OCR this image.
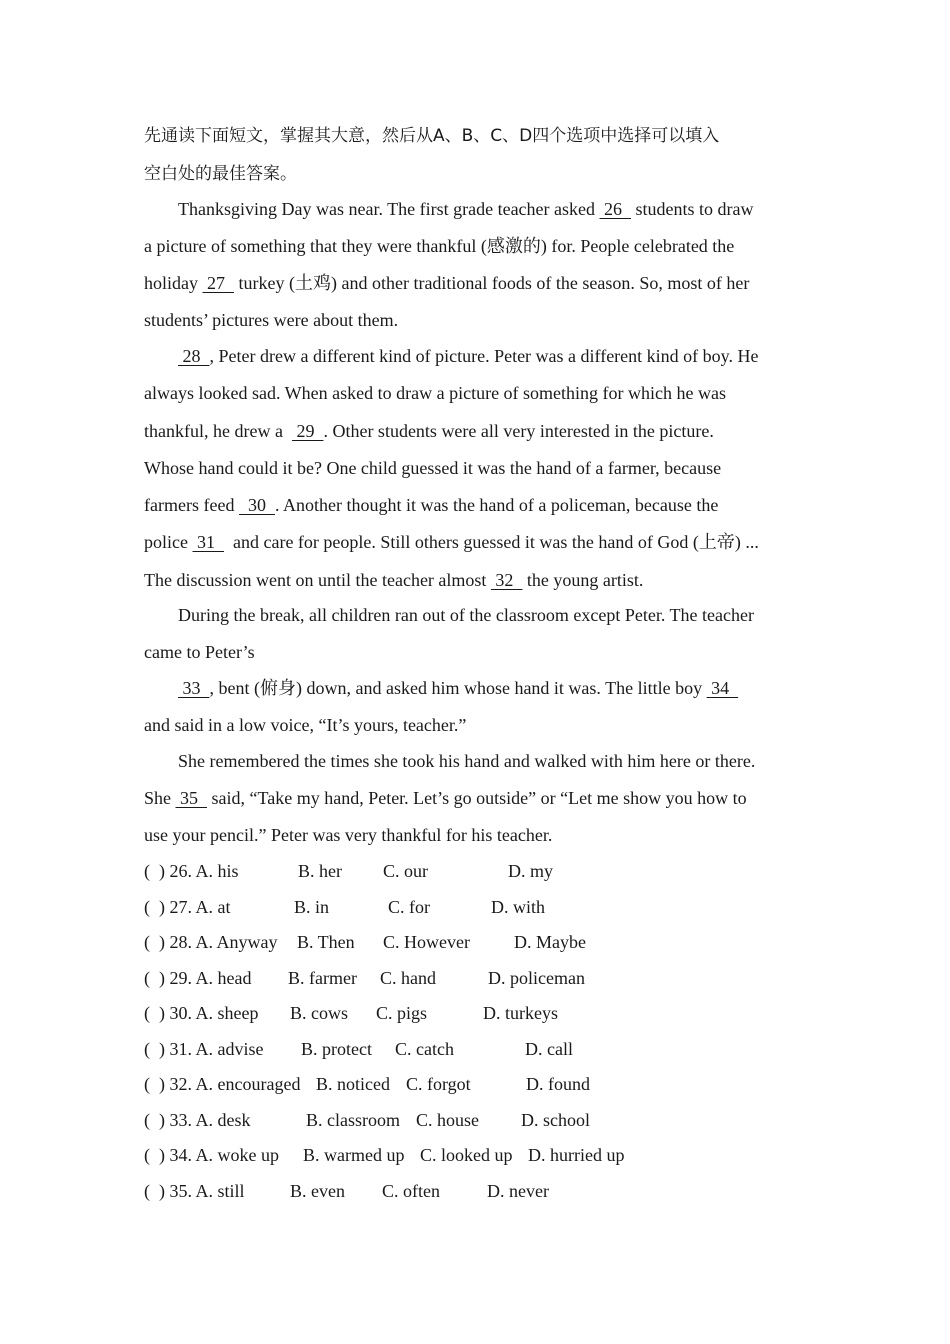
先通读下面短文，掌握其大意，然后从A、B、C、D四个选项中选择可以填入
空白处的最佳答案。
Thanksgiving Day was near. The first grade teacher asked  26   students to draw
a picture of something that they were thankful (感激的) for. People celebrated the
holiday  27   turkey (土鸡) and other traditional foods of the season. So, most of her
students’ pictures were about them.
28  , Peter drew a different kind of picture. Peter was a different kind of boy. He
always looked sad. When asked to draw a picture of something for which he was
thankful, he drew a   29  . Other students were all very interested in the picture.
Whose hand could it be? One child guessed it was the hand of a farmer, because
farmers feed   30  . Another thought it was the hand of a policeman, because the
police  31    and care for people. Still others guessed it was the hand of God (上帝) ...
The discussion went on until the teacher almost  32   the young artist.
During the break, all children ran out of the classroom except Peter. The teacher
came to Peter’s
33  , bent (俯身) down, and asked him whose hand it was. The little boy  34
and said in a low voice, “It’s yours, teacher.”
She remembered the times she took his hand and walked with him here or there.
She  35   said, “Take my hand, Peter. Let’s go outside” or “Let me show you how to
use your pencil.” Peter was very thankful for his teacher.
(  ) 26. A. his	B. her C. our	D. my
(  ) 27. A. at	B. in	C. for	D. with
(  ) 28. A. Anyway B. Then C. However D. Maybe
(  ) 29. A. head B. farmer C. hand	D. policeman
(  ) 30. A. sheep B. cows C. pigs	D. turkeys
(  ) 31. A. advise B. protect C. catch	D. call
(  ) 32. A. encouraged B. noticed C. forgot	D. found
(  ) 33. A. desk	B. classroom C. house D. school
(  ) 34. A. woke up B. warmed up C. looked up D. hurried up
(  ) 35. A. still	B. even C. often	D. never
